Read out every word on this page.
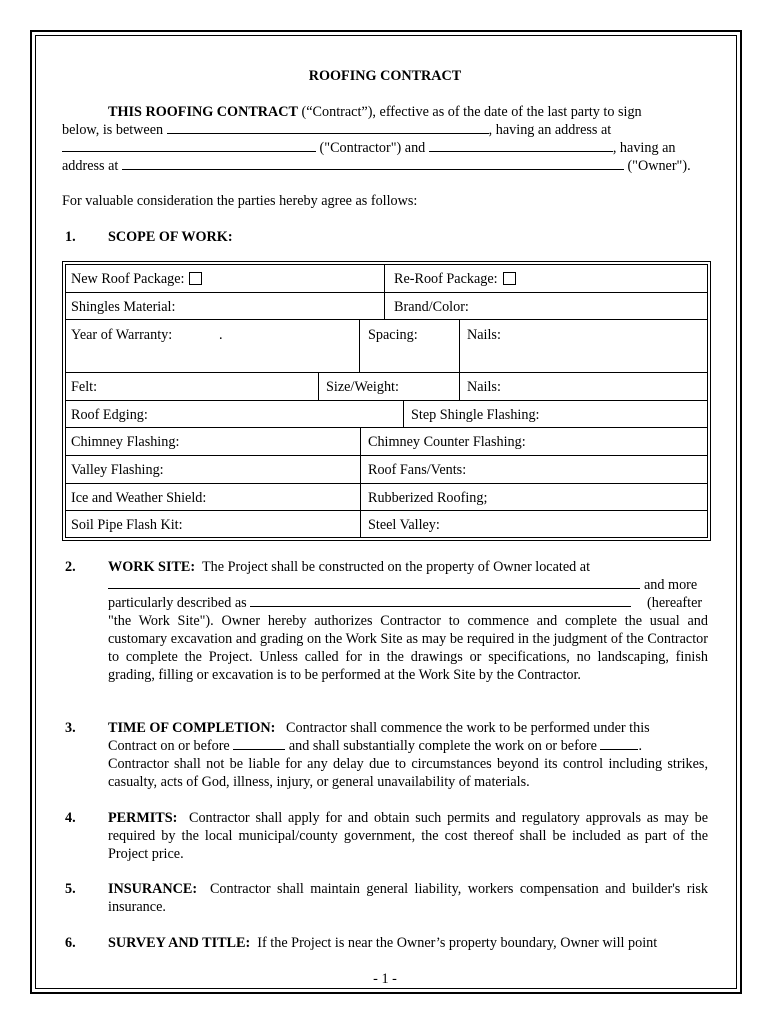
ROOFING CONTRACT
THIS ROOFING CONTRACT (“Contract”), effective as of the date of the last party to sign
below, is between	, having an address at
("Contractor") and	, having an
address at	("Owner").
For valuable consideration the parties hereby agree as follows:
1. SCOPE OF WORK:
New Roof Package:	Re-Roof Package:
Shingles Material:	Brand/Color:
Year of Warranty:	.	Spacing:	Nails:
Felt:	Size/Weight:	Nails:
Roof Edging:	Step Shingle Flashing:
Chimney Flashing:	Chimney Counter Flashing:
Valley Flashing:	Roof Fans/Vents:
Ice and Weather Shield:	Rubberized Roofing;
Soil Pipe Flash Kit:	Steel Valley:
2. WORK SITE: The Project shall be constructed on the property of Owner located at
and more
particularly described as	(hereafter
"the Work Site"). Owner hereby authorizes Contractor to commence and complete the usual and customary excavation and grading on the Work Site as may be required in the judgment of the Contractor to complete the Project. Unless called for in the drawings or specifications, no landscaping, finish grading, filling or excavation is to be performed at the Work Site by the Contractor.
3. TIME OF COMPLETION: Contractor shall commence the work to be performed under this
Contract on or before	and shall substantially complete the work on or before	.
Contractor shall not be liable for any delay due to circumstances beyond its control including strikes, casualty, acts of God, illness, injury, or general unavailability of materials.
4. PERMITS: Contractor shall apply for and obtain such permits and regulatory approvals as may be required by the local municipal/county government, the cost thereof shall be included as part of the Project price.
5. INSURANCE: Contractor shall maintain general liability, workers compensation and builder's risk insurance.
6. SURVEY AND TITLE: If the Project is near the Owner’s property boundary, Owner will point
- 1 -
